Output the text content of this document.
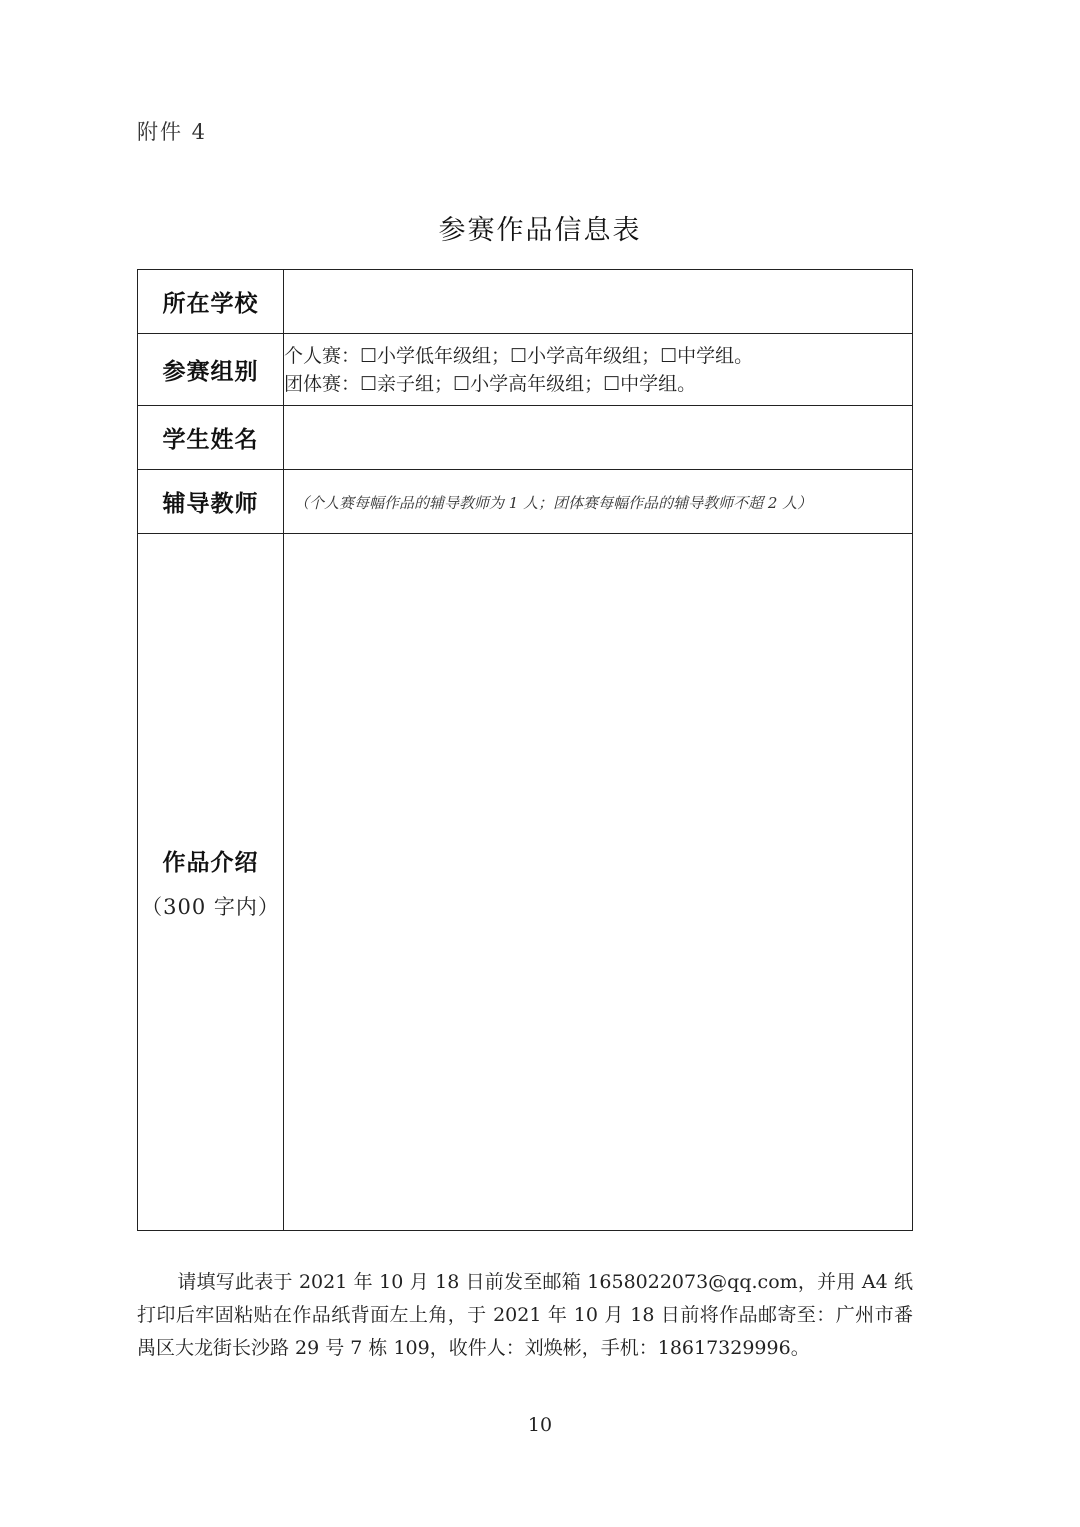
附件 4
参赛作品信息表
所在学校	
参赛组别	个人赛：☐小学低年级组；☐小学高年级组；☐中学组。
团体赛：☐亲子组；☐小学高年级组；☐中学组。

学生姓名	
辅导教师	（个人赛每幅作品的辅导教师为 1 人；团体赛每幅作品的辅导教师不超 2 人）

作品介绍
（300 字内）	

请填写此表于 2021 年 10 月 18 日前发至邮箱 1658022073@qq.com，并用 A4 纸打印后牢固粘贴在作品纸背面左上角，于 2021 年 10 月 18 日前将作品邮寄至：广州市番禺区大龙街长沙路 29 号 7 栋 109，收件人：刘焕彬，手机：18617329996。
10
